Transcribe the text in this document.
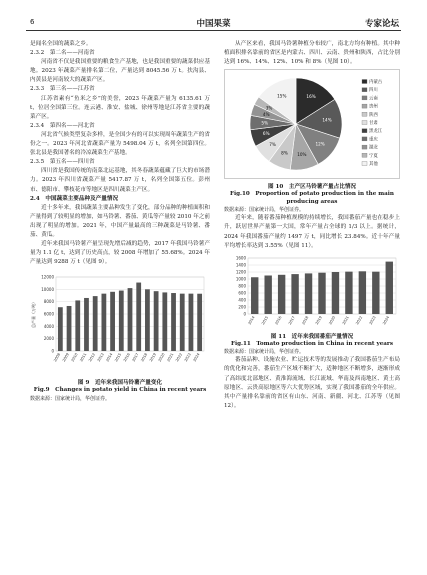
6	中国果菜	专家论坛

是闻名全国的蔬菜之乡。

2.3.2　第二名——河南省

河南省不仅是我国重要的粮食生产基地，也是我国重要的蔬菜供应基地。2023 年蔬菜产量排名第二位，产量达到 8045.56 万 t。扶沟县、内黄县是河南较大的蔬菜产区。

2.3.3　第三名——江苏省

江苏省素有“鱼米之乡”的美誉，2023 年蔬菜产量为 6135.61 万 t，位居全国第三位。连云港、淮安、盐城、徐州等地是江苏省主要的蔬菜产区。

2.3.4　第四名——河北省

河北省气候类型复杂多样，是全国少有的可以实现周年蔬菜生产的省份之一。2023 年河北省蔬菜产量为 5498.04 万 t，名列全国第四位。张北县是我国著名的冷凉蔬菜生产基地。

2.3.5　第五名——四川省

四川省是我国传统的南菜北运基地，其冬春蔬菜蕴藏了巨大的市场潜力。2023 年四川省蔬菜产量 5417.87 万 t，名列全国第五位。彭州市、德阳市、攀枝花市等地区是四川蔬菜主产区。

2.4　中国蔬菜主要品种及产量情况

近十多年来，我国蔬菜主要品种发生了变化，部分品种的种植面积和产量得到了较明显的增加，如马铃薯、番茄、黄瓜等产量较 2010 年之前出现了明显的增加。2021 年，中国产量最高的三种蔬菜是马铃薯、番茄、黄瓜。

近年来我国马铃薯产量呈现先增后减的趋势，2017 年我国马铃薯产量为 1.1 亿 t，达到了历史高点，较 2008 年增加了 55.68%。2024 年产量达到 9288 万 t（见图 9）。

0
2000
4000
6000
8000
10000
12000
2008 2009 2010 2011 2012 2013 2014 2015 2016 2017 2018 2019 2020 2021 2022 2023 2024
总产量（万吨）
图 9　近年来我国马铃薯产量变化
Fig.9　Changes in potato yield in China in recent years

数据来源：国家统计局，华创证券。

从产区来看，我国马铃薯种植分布较广，南北方均有种植。其中种植面积排名靠前的省区是内蒙古、四川、云南、贵州和陕西，占比分别达到 16%、14%、12%、10% 和 8%（见图 10）。

16%
14%
12%
10%
8%
7%
6%
5%
4%
3%
15%
内蒙古
四川
云南
贵州
陕西
甘肃
黑龙江
重庆
湖北
宁夏
其他
图 10　主产区马铃薯产量占比情况
Fig.10　Proportion of potato production in the main producing areas

数据来源：国家统计局，华创证券。

近年来，随着番茄种植规模的持续增长，我国番茄产量也在稳步上升，跃居世界产量第一大国，常年产量占全球的 1/3 以上。据统计，2024 年我国番茄产量约 1497 万 t，同比增长 23.84%。近十年产量平均增长率达到 3.55%（见图 11）。

0
200
400
600
800
1000
1200
1400
1600
2014 2015 2016 2017 2018 2019 2020 2021 2022 2023 2024
图 11　近年来我国番茄产量情况
Fig.11　Tomato production in China in recent years

数据来源：国家统计局，华创证券。

番茄品种、设施农业、贮运技术等的发展推动了我国番茄生产布局的优化和完善，番茄生产区域不断扩大，适种地区不断增多，逐渐形成了高纬度北部地区、黄淮海流域、长江流域、华南及西南地区、黄土高原地区、云贵高原地区等六大优势区域，实现了我国番茄的全年供应。其中产量排名靠前的省区有山东、河南、新疆、河北、江苏等（见图 12）。
